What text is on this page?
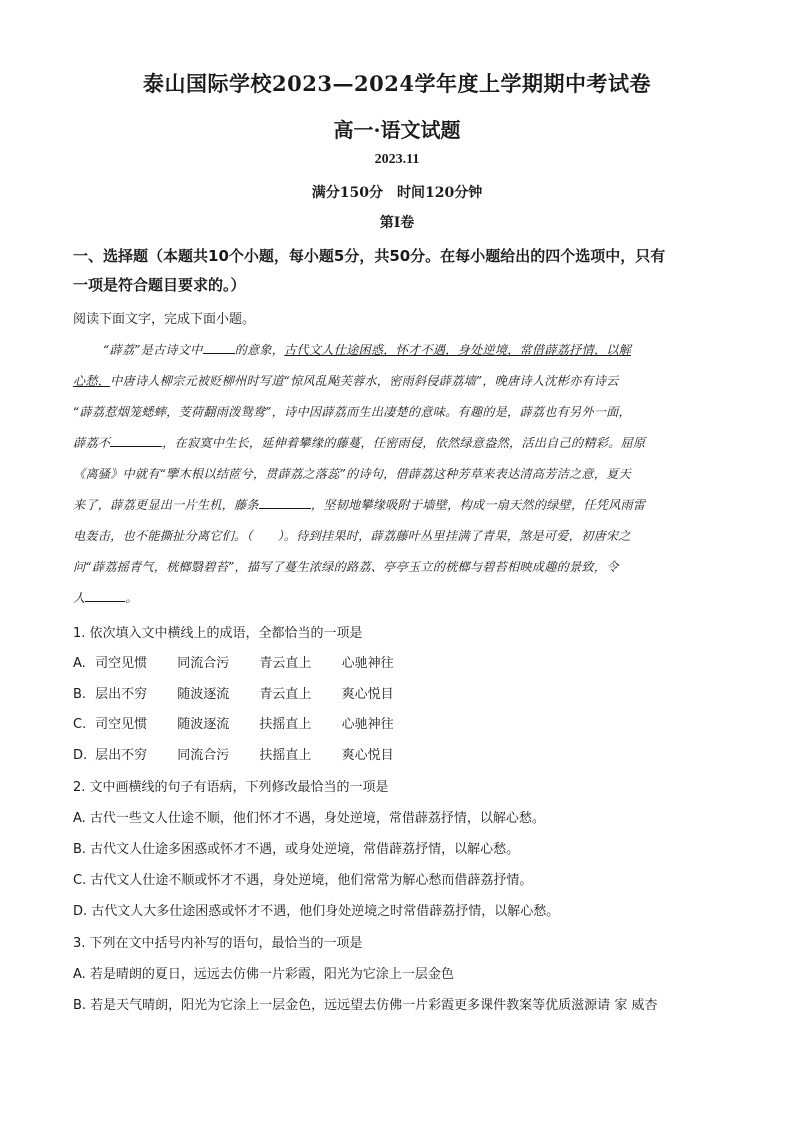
泰山国际学校2023—2024学年度上学期期中考试卷
高一·语文试题
2023.11
满分150分　时间120分钟
第Ⅰ卷
一、选择题（本题共10个小题，每小题5分，共50分。在每小题给出的四个选项中，只有
一项是符合题目要求的。）
阅读下面文字，完成下面小题。
“薜荔”是古诗文中	的意象，古代文人仕途困惑，怀才不遇，身处逆境，常借薜荔抒情，以解
心愁，中唐诗人柳宗元被贬柳州时写道“惊风乱飐芙蓉水，密雨斜侵薜荔墙”，晚唐诗人沈彬亦有诗云
“薜荔惹烟笼蟋蟀，芰荷翻雨泼鸳鸯”，诗中因薜荔而生出凄楚的意味。有趣的是，薜荔也有另外一面，
薜荔不	，在寂寞中生长，延伸着攀缘的藤蔓，任密雨侵，依然绿意盎然，活出自己的精彩。屈原
《离骚》中就有“擥木根以结茝兮，贯薜荔之落蕊”的诗句，借薜荔这种芳草来表达清高芳洁之意，夏天
来了，薜荔更显出一片生机，藤条	，坚韧地攀缘吸附于墙壁，构成一扇天然的绿壁，任凭风雨雷
电轰击，也不能撕扯分离它们。（　　）。待到挂果时，薜荔藤叶丛里挂满了青果，煞是可爱，初唐宋之
问“薜荔摇青气，桄榔翳碧苔”，描写了蔓生浓绿的路荔、亭亭玉立的桄榔与碧苔相映成趣的景致，令
人	。
1. 依次填入文中横线上的成语，全都恰当的一项是
A. 司空见惯 同流合污 青云直上 心驰神往
B. 层出不穷 随波逐流 青云直上 爽心悦目
C. 司空见惯 随波逐流 扶摇直上 心驰神往
D. 层出不穷 同流合污 扶摇直上 爽心悦目
2. 文中画横线的句子有语病，下列修改最恰当的一项是
A. 古代一些文人仕途不顺，他们怀才不遇，身处逆境，常借薜荔抒情，以解心愁。
B. 古代文人仕途多困惑或怀才不遇，或身处逆境，常借薜荔抒情，以解心愁。
C. 古代文人仕途不顺或怀才不遇，身处逆境，他们常常为解心愁而借薜荔抒情。
D. 古代文人大多仕途困惑或怀才不遇，他们身处逆境之时常借薜荔抒情，以解心愁。
3. 下列在文中括号内补写的语句，最恰当的一项是
A. 若是晴朗的夏日，远远去仿佛一片彩霞，阳光为它涂上一层金色
B. 若是天气晴朗，阳光为它涂上一层金色，远远望去仿佛一片彩霞更多课件教案等优质滋源请 家 威杏
